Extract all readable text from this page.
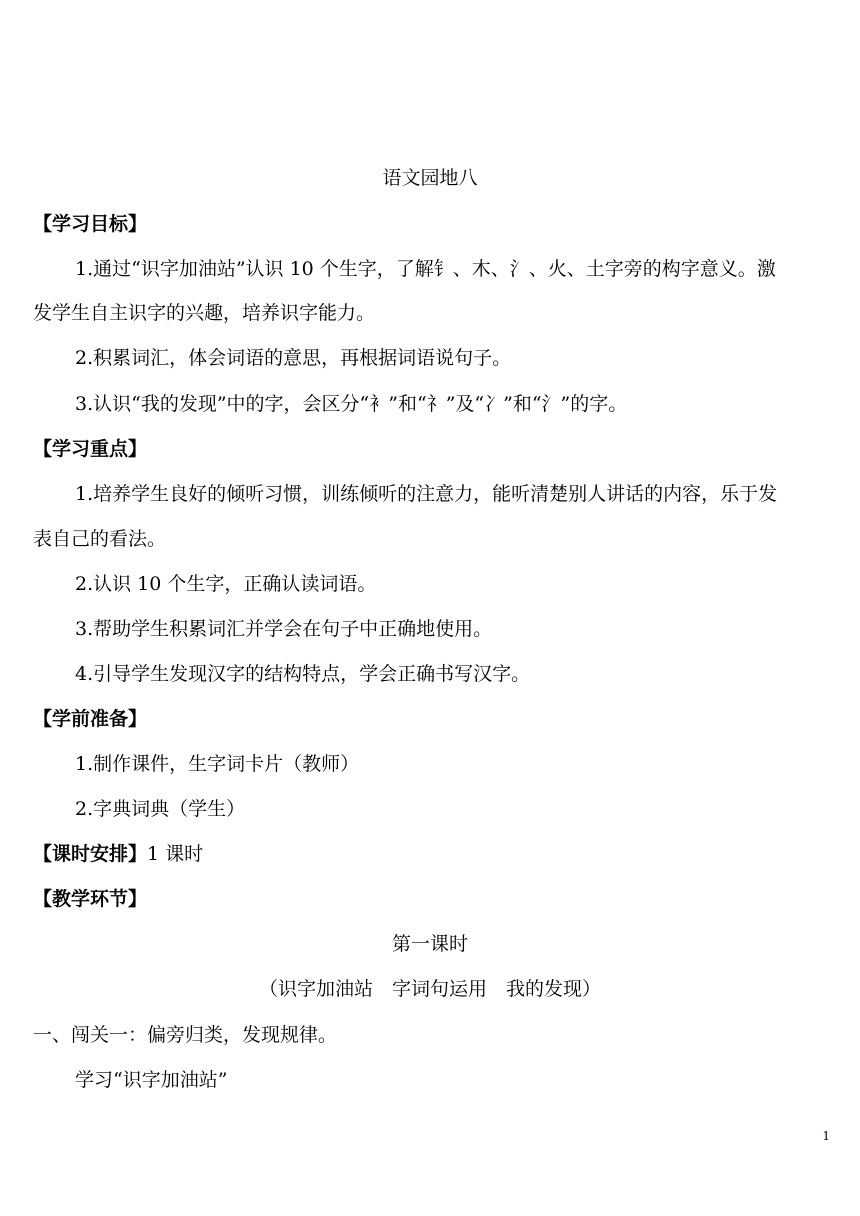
语文园地八
【学习目标】
1.通过“识字加油站”认识 10 个生字，了解钅、木、氵、火、土字旁的构字意义。激
发学生自主识字的兴趣，培养识字能力。
2.积累词汇，体会词语的意思，再根据词语说句子。
3.认识“我的发现”中的字，会区分“衤”和“礻”及“冫”和“氵”的字。
【学习重点】
1.培养学生良好的倾听习惯，训练倾听的注意力，能听清楚别人讲话的内容，乐于发
表自己的看法。
2.认识 10 个生字，正确认读词语。
3.帮助学生积累词汇并学会在句子中正确地使用。
4.引导学生发现汉字的结构特点，学会正确书写汉字。
【学前准备】
1.制作课件，生字词卡片（教师）
2.字典词典（学生）
【课时安排】1 课时
【教学环节】
第一课时
（识字加油站　字词句运用　我的发现）
一、闯关一：偏旁归类，发现规律。
学习“识字加油站”
1
